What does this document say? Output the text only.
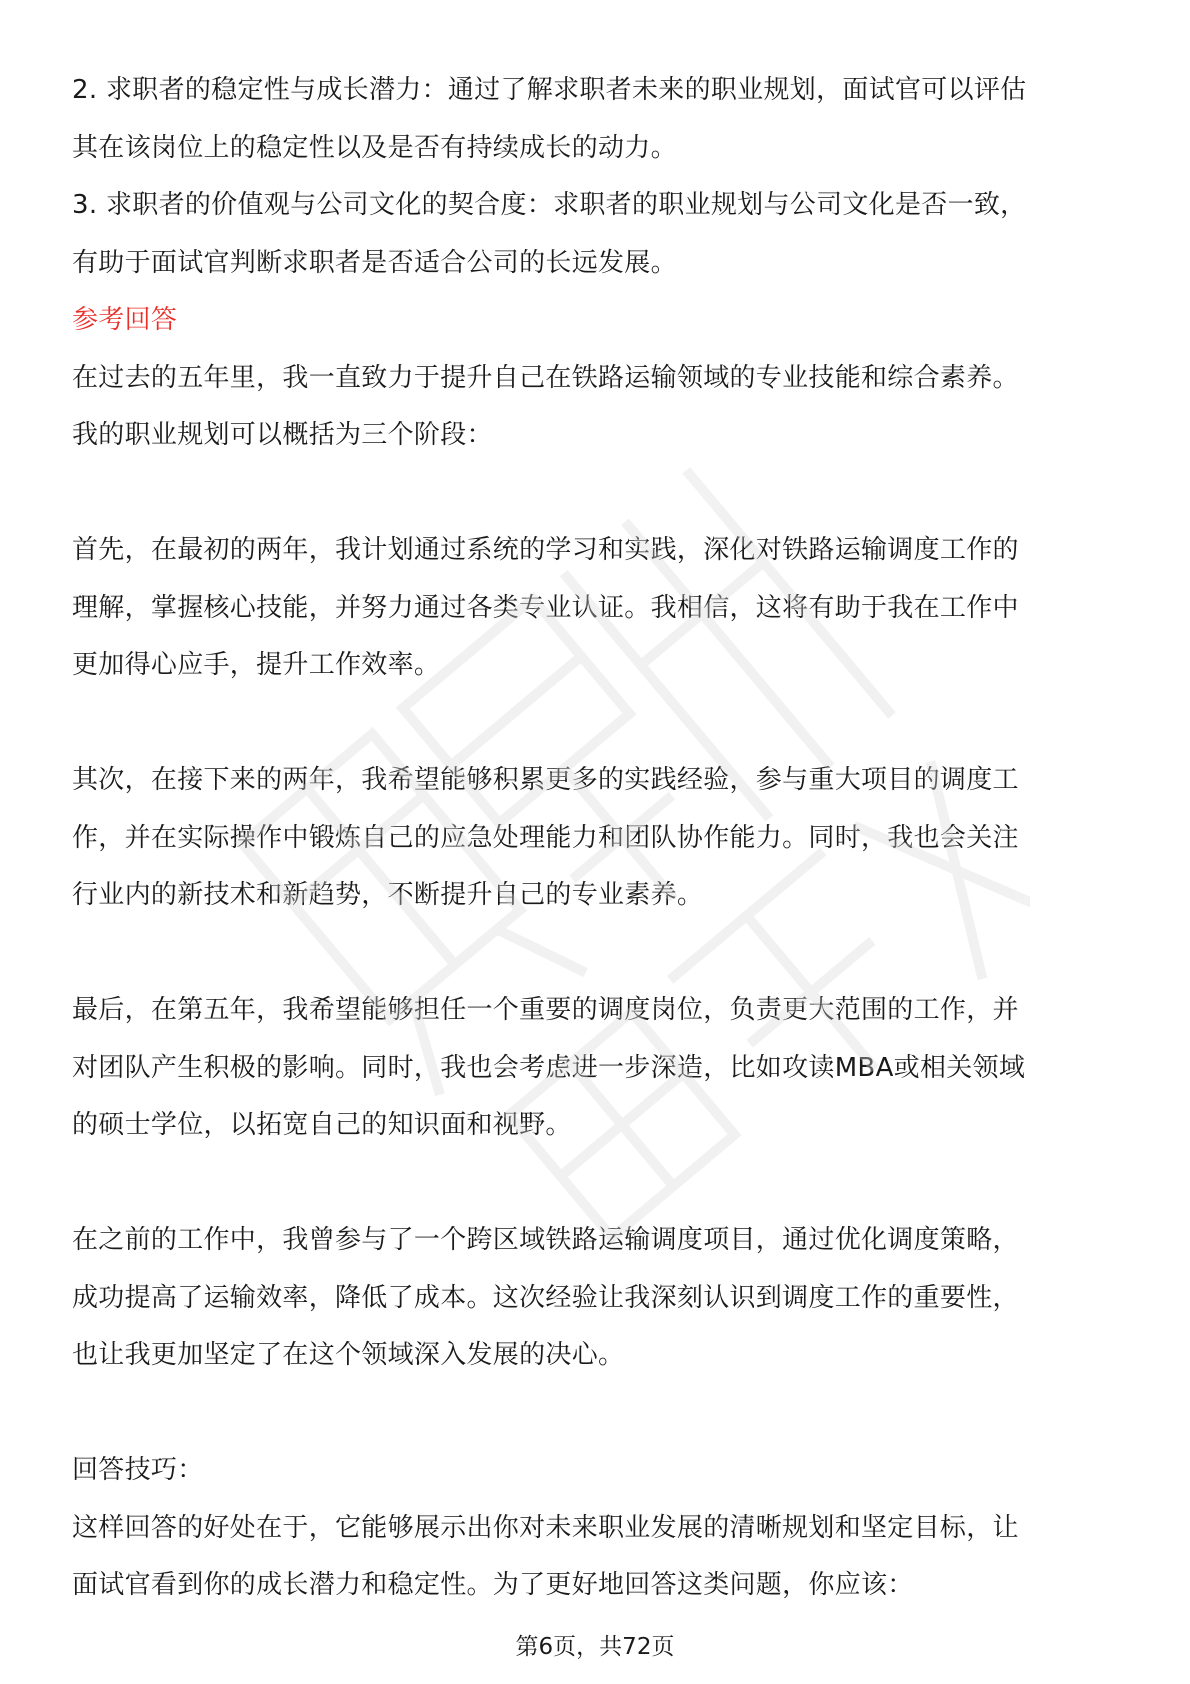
2. 求职者的稳定性与成长潜力：通过了解求职者未来的职业规划，面试官可以评估
其在该岗位上的稳定性以及是否有持续成长的动力。
3. 求职者的价值观与公司文化的契合度：求职者的职业规划与公司文化是否一致，
有助于面试官判断求职者是否适合公司的长远发展。
参考回答
在过去的五年里，我一直致力于提升自己在铁路运输领域的专业技能和综合素养。
我的职业规划可以概括为三个阶段：
首先，在最初的两年，我计划通过系统的学习和实践，深化对铁路运输调度工作的
理解，掌握核心技能，并努力通过各类专业认证。我相信，这将有助于我在工作中
更加得心应手，提升工作效率。
其次，在接下来的两年，我希望能够积累更多的实践经验，参与重大项目的调度工
作，并在实际操作中锻炼自己的应急处理能力和团队协作能力。同时，我也会关注
行业内的新技术和新趋势，不断提升自己的专业素养。
最后，在第五年，我希望能够担任一个重要的调度岗位，负责更大范围的工作，并
对团队产生积极的影响。同时，我也会考虑进一步深造，比如攻读MBA或相关领域
的硕士学位，以拓宽自己的知识面和视野。
在之前的工作中，我曾参与了一个跨区域铁路运输调度项目，通过优化调度策略，
成功提高了运输效率，降低了成本。这次经验让我深刻认识到调度工作的重要性，
也让我更加坚定了在这个领域深入发展的决心。
回答技巧：
这样回答的好处在于，它能够展示出你对未来职业发展的清晰规划和坚定目标，让
面试官看到你的成长潜力和稳定性。为了更好地回答这类问题，你应该：
第6页，共72页
